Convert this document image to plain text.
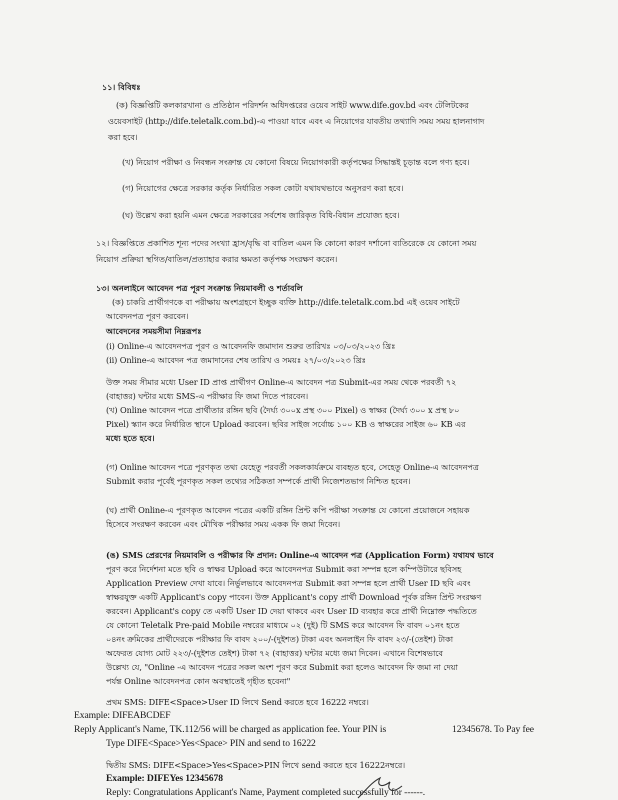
১১। বিবিধঃ
(ক) বিজ্ঞপ্তিটি কলকারখানা ও প্রতিষ্ঠান পরিদর্শন অধিদপ্তরের ওয়েব সাইট www.dife.gov.bd এবং টেলিটকের
ওয়েবসাইট (http://dife.teletalk.com.bd)-এ পাওয়া যাবে এবং এ নিয়োগের যাবতীয় তথ্যাদি সময় সময় হালনাগাদ
করা হবে।
(খ) নিয়োগ পরীক্ষা ও নিবন্ধন সংক্রান্ত যে কোনো বিষয়ে নিয়োগকারী কর্তৃপক্ষের সিদ্ধান্তই চূড়ান্ত বলে গণ্য হবে।
(গ) নিয়োগের ক্ষেত্রে সরকার কর্তৃক নির্ধারিত সকল কোটা যথাযথভাবে অনুসরণ করা হবে।
(ঘ) উল্লেখ করা হয়নি এমন ক্ষেত্রে সরকারের সর্বশেষ জারিকৃত বিধি-বিধান প্রযোজ্য হবে।
১২। বিজ্ঞপ্তিতে প্রকাশিত শূন্য পদের সংখ্যা হ্রাস/বৃদ্ধি বা বাতিল এমন কি কোনো কারণ দর্শানো ব্যতিরেকে যে কোনো সময়
নিয়োগ প্রক্রিয়া স্থগিত/বাতিল/প্রত্যাহার করার ক্ষমতা কর্তৃপক্ষ সংরক্ষণ করেন।
১৩। অনলাইনে আবেদন পত্র পূরণ সংক্রান্ত নিয়মাবলী ও শর্তাবলি
(ক) চাকরি প্রার্থীগণকে বা পরীক্ষায় অংশগ্রহণে ইচ্ছুক ব্যক্তি http://dife.teletalk.com.bd এই ওয়েব সাইটে
আবেদনপত্র পূরণ করবেন।
আবেদনের সময়সীমা নিম্নরূপঃ
(i) Online-এ আবেদনপত্র পূরণ ও আবেদনফি জমাদান শুরুর তারিখঃ ০৩/০৩/২০২৩ খ্রিঃ
(ii) Online-এ আবেদন পত্র জমাদানের শেষ তারিখ ও সময়ঃ ২৭/০৩/২০২৩ খ্রিঃ
উক্ত সময় সীমার মধ্যে User ID প্রাপ্ত প্রার্থীগণ Online-এ আবেদন পত্র Submit-এর সময় থেকে পরবর্তী ৭২
(বাহাত্তর) ঘন্টার মধ্যে SMS-এ পরীক্ষার ফি জমা দিতে পারবেন।
(খ) Online আবেদন পত্রে প্রার্থীতার রঙ্গিন ছবি (দৈর্ঘ্য ৩০০x প্রস্থ ৩০০ Pixel) ও স্বাক্ষর (দৈর্ঘ্য ৩০০ x প্রস্থ ৮০
Pixel) স্ক্যান করে নির্ধারিত স্থানে Upload করবেন। ছবির সাইজ সর্বোচ্চ ১০০ KB ও স্বাক্ষরের সাইজ ৬০ KB এর
মধ্যে হতে হবে।
(গ) Online আবেদন পত্রে পূরণকৃত তথ্য যেহেতু পরবর্তী সকলকার্যক্রমে ব্যবহৃত হবে, সেহেতু Online-এ আবেদনপত্র
Submit করার পূর্বেই পূরণকৃত সকল তথ্যের সঠিকতা সম্পর্কে প্রার্থী নিজেশতভাগ নিশ্চিত হবেন।
(ঘ) প্রার্থী Online-এ পূরণকৃত আবেদন পত্রের একটি রঙ্গিন প্রিন্ট কপি পরীক্ষা সংক্রান্ত যে কোনো প্রয়োজনে সহায়ক
হিসেবে সংরক্ষণ করবেন এবং মৌখিক পরীক্ষার সময় একক ফি জমা দিবেন।
(ঙ) SMS প্রেরণের নিয়মাবলি ও পরীক্ষার ফি প্রদান: Online-এ আবেদন পত্র (Application Form) যথাযথ ভাবে
পূরণ করে নির্দেশনা মতে ছবি ও স্বাক্ষর Upload করে আবেদনপত্র Submit করা সম্পন্ন হলে কম্পিউটারে ছবিসহ
Application Preview দেখা যাবে। নির্ভুলভাবে আবেদনপত্র Submit করা সম্পন্ন হলে প্রার্থী User ID ছবি এবং
স্বাক্ষরযুক্ত একটি Applicant's copy পাবেন। উক্ত Applicant's copy প্রার্থী Download পূর্বক রঙ্গিন প্রিন্ট সংরক্ষণ
করবেন। Applicant's copy তে একটি User ID দেয়া থাকবে এবং User ID ব্যবহার করে প্রার্থী নিম্নোক্ত পদ্ধতিতে
যে কোনো Teletalk Pre-paid Mobile নম্বরের মাধ্যমে ০২ (দুই) টি SMS করে আবেদন ফি বাবদ ০১নং হতে
০৪নং ক্রমিকের প্রার্থীদেরকে পরীক্ষার ফি বাবদ ২০০/-(দুইশত) টাকা এবং অনলাইন ফি বাবদ ২৩/-(তেইশ) টাকা
অফেরত যোগ্য মোট ২২৩/-(দুইশত তেইশ) টাকা ৭২ (বাহাত্তর) ঘন্টার মধ্যে জমা দিবেন। এখানে বিশেষভাবে
উল্লেখ্য যে, "Online -এ আবেদন পত্রের সকল অংশ পূরণ করে Submit করা হলেও আবেদন ফি জমা না দেয়া
পর্যন্ত Online আবেদনপত্র কোন অবস্থাতেই গৃহীত হবেনা"
প্রথম SMS: DIFE<Space>User ID লিখে Send করতে হবে 16222 নম্বরে।
Example: DIFEABCDEF
Reply Applicant's Name, TK.112/56 will be charged as application fee. Your PIN is	12345678. To Pay fee
Type DIFE<Space>Yes<Space> PIN and send to 16222
দ্বিতীয় SMS: DIFE<Space>Yes<Space>PIN লিখে send করতে হবে 16222নম্বরে।
Example: DIFEYes 12345678
Reply: Congratulations Applicant's Name, Payment completed successfully for ------.
